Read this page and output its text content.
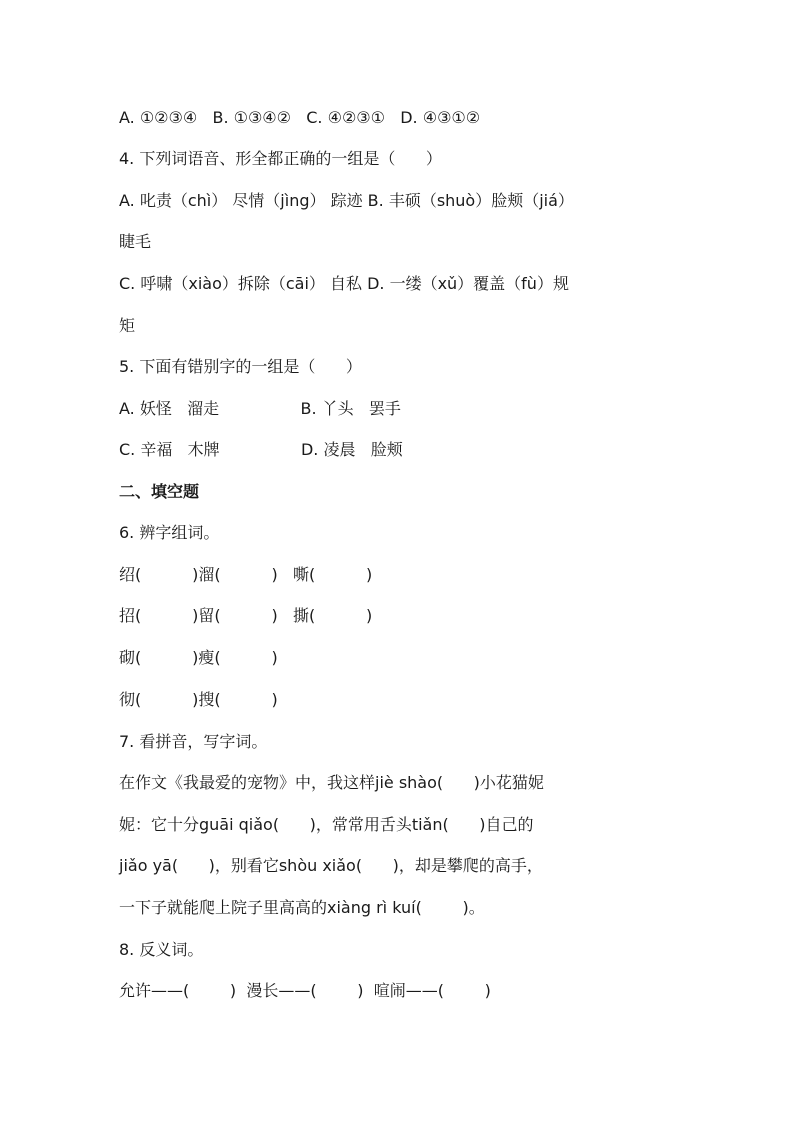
A. ①②③④   B. ①③④②   C. ④②③①   D. ④③①②
4. 下列词语音、形全都正确的一组是（      ）
A. 叱责（chì） 尽情（jìng） 踪迹 B. 丰硕（shuò）脸颊（jiá）
睫毛
C. 呼啸（xiào）拆除（cāi） 自私 D. 一缕（xǔ）覆盖（fù）规
矩
5. 下面有错别字的一组是（      ）
A. 妖怪   溜走                B. 丫头   罢手
C. 辛福   木牌                D. 凌晨   脸颊
二、填空题
6. 辨字组词。
绍(          )溜(          )   嘶(          )
招(          )留(          )   撕(          )
砌(          )瘦(          )
彻(          )搜(          )
7. 看拼音，写字词。
在作文《我最爱的宠物》中，我这样jiè shào(      )小花猫妮
妮：它十分guāi qiǎo(      )，常常用舌头tiǎn(      )自己的
jiǎo yā(      )，别看它shòu xiǎo(      )，却是攀爬的高手，
一下子就能爬上院子里高高的xiàng rì kuí(        )。
8. 反义词。
允许——(        )  漫长——(        )  喧闹——(        )
